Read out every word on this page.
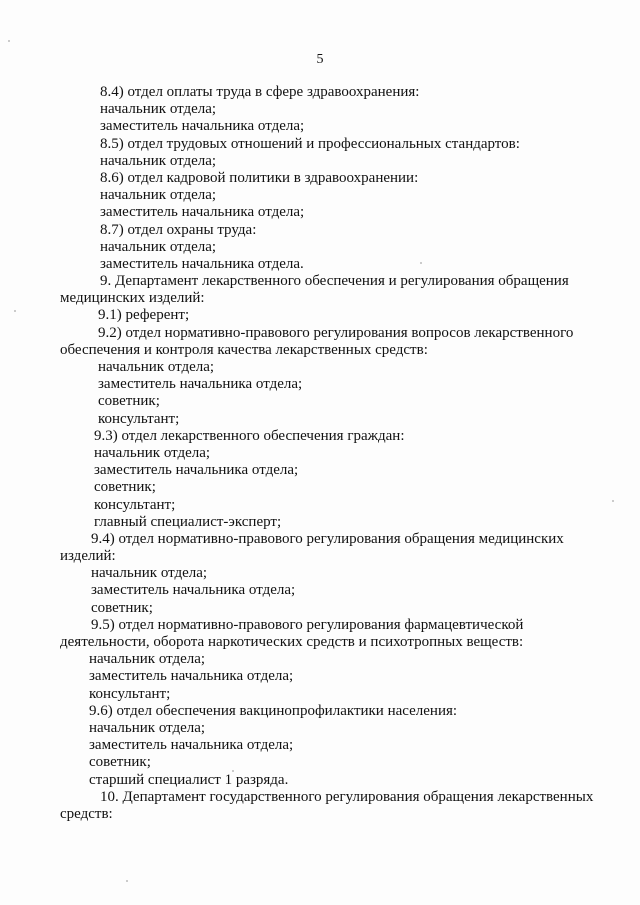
5
8.4) отдел оплаты труда в сфере здравоохранения:
начальник отдела;
заместитель начальника отдела;
8.5) отдел трудовых отношений и профессиональных стандартов:
начальник отдела;
8.6) отдел кадровой политики в здравоохранении:
начальник отдела;
заместитель начальника отдела;
8.7) отдел охраны труда:
начальник отдела;
заместитель начальника отдела.
9. Департамент лекарственного обеспечения и регулирования обращения
медицинских изделий:
9.1) референт;
9.2) отдел нормативно-правового регулирования вопросов лекарственного
обеспечения и контроля качества лекарственных средств:
начальник отдела;
заместитель начальника отдела;
советник;
консультант;
9.3) отдел лекарственного обеспечения граждан:
начальник отдела;
заместитель начальника отдела;
советник;
консультант;
главный специалист-эксперт;
9.4) отдел нормативно-правового регулирования обращения медицинских
изделий:
начальник отдела;
заместитель начальника отдела;
советник;
9.5) отдел нормативно-правового регулирования фармацевтической
деятельности, оборота наркотических средств и психотропных веществ:
начальник отдела;
заместитель начальника отдела;
консультант;
9.6) отдел обеспечения вакцинопрофилактики населения:
начальник отдела;
заместитель начальника отдела;
советник;
старший специалист 1 разряда.
10. Департамент государственного регулирования обращения лекарственных
средств:
